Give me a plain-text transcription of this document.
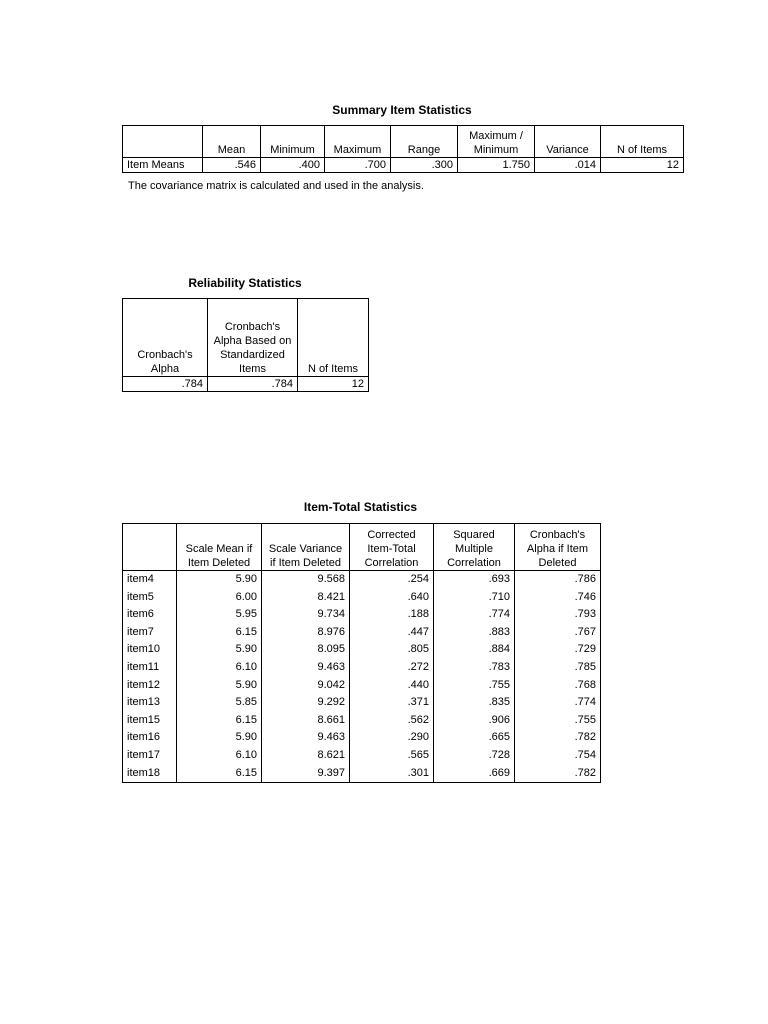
Summary Item Statistics
	Mean	Minimum	Maximum	Range	Maximum / Minimum	Variance	N of Items
Item Means	.546	.400	.700	.300	1.750	.014	12
The covariance matrix is calculated and used in the analysis.
Reliability Statistics
Cronbach's Alpha	Cronbach's Alpha Based on Standardized Items	N of Items
.784	.784	12
Item-Total Statistics
	Scale Mean if Item Deleted	Scale Variance if Item Deleted	Corrected Item-Total Correlation	Squared Multiple Correlation	Cronbach's Alpha if Item Deleted
item4	5.90	9.568	.254	.693	.786
item5	6.00	8.421	.640	.710	.746
item6	5.95	9.734	.188	.774	.793
item7	6.15	8.976	.447	.883	.767
item10	5.90	8.095	.805	.884	.729
item11	6.10	9.463	.272	.783	.785
item12	5.90	9.042	.440	.755	.768
item13	5.85	9.292	.371	.835	.774
item15	6.15	8.661	.562	.906	.755
item16	5.90	9.463	.290	.665	.782
item17	6.10	8.621	.565	.728	.754
item18	6.15	9.397	.301	.669	.782
